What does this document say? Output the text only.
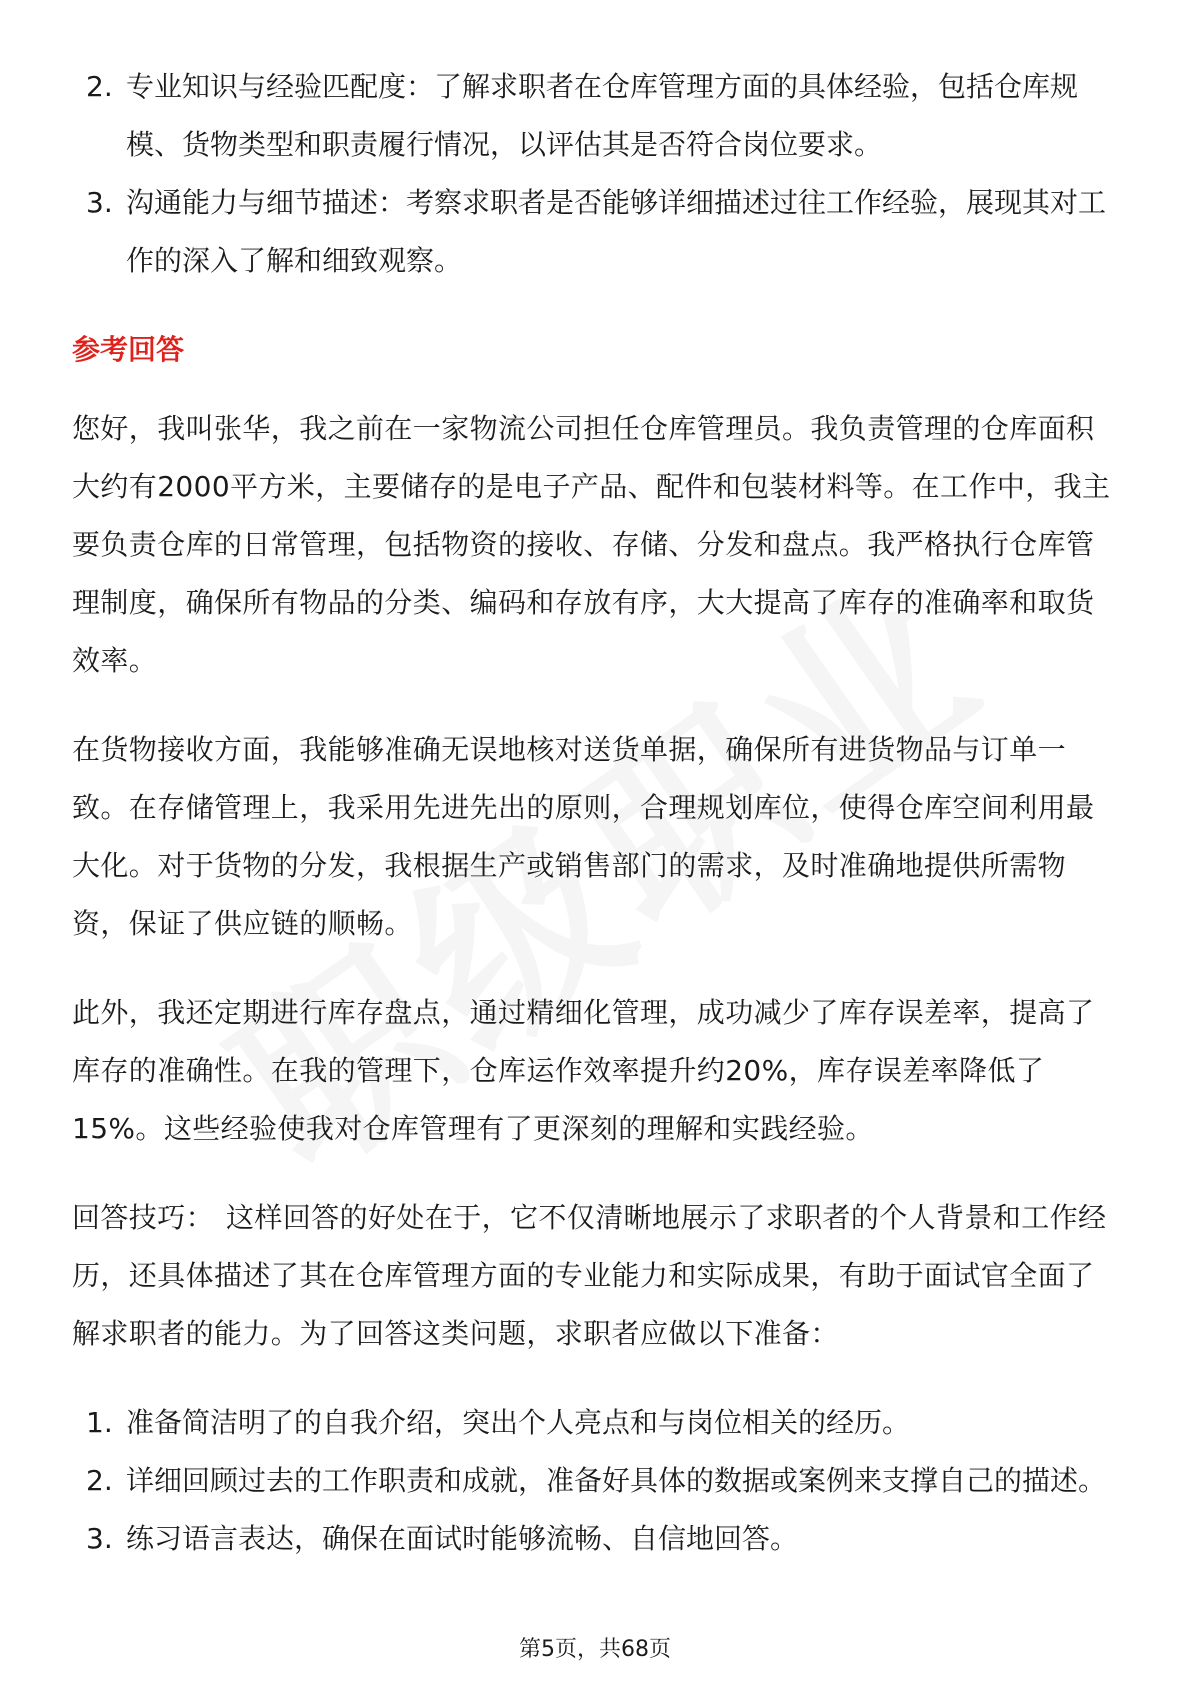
2. 专业知识与经验匹配度：了解求职者在仓库管理方面的具体经验，包括仓库规模、货物类型和职责履行情况，以评估其是否符合岗位要求。
3. 沟通能力与细节描述：考察求职者是否能够详细描述过往工作经验，展现其对工作的深入了解和细致观察。
参考回答

您好，我叫张华，我之前在一家物流公司担任仓库管理员。我负责管理的仓库面积大约有2000平方米，主要储存的是电子产品、配件和包装材料等。在工作中，我主要负责仓库的日常管理，包括物资的接收、存储、分发和盘点。我严格执行仓库管理制度，确保所有物品的分类、编码和存放有序，大大提高了库存的准确率和取货效率。

在货物接收方面，我能够准确无误地核对送货单据，确保所有进货物品与订单一致。在存储管理上，我采用先进先出的原则，合理规划库位，使得仓库空间利用最大化。对于货物的分发，我根据生产或销售部门的需求，及时准确地提供所需物资，保证了供应链的顺畅。

此外，我还定期进行库存盘点，通过精细化管理，成功减少了库存误差率，提高了库存的准确性。在我的管理下，仓库运作效率提升约20%，库存误差率降低了15%。这些经验使我对仓库管理有了更深刻的理解和实践经验。

回答技巧： 这样回答的好处在于，它不仅清晰地展示了求职者的个人背景和工作经历，还具体描述了其在仓库管理方面的专业能力和实际成果，有助于面试官全面了解求职者的能力。为了回答这类问题，求职者应做以下准备：

1. 准备简洁明了的自我介绍，突出个人亮点和与岗位相关的经历。
2. 详细回顾过去的工作职责和成就，准备好具体的数据或案例来支撑自己的描述。
3. 练习语言表达，确保在面试时能够流畅、自信地回答。
第5页，共68页
